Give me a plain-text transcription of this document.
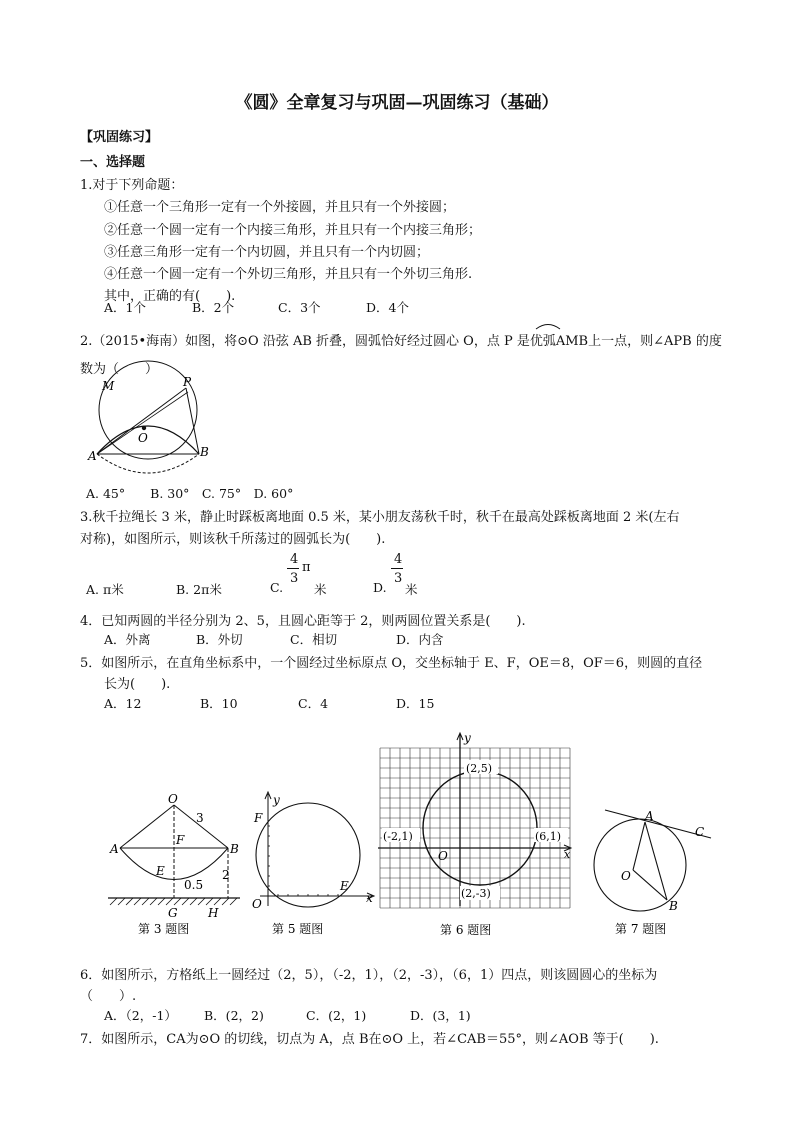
《圆》全章复习与巩固—巩固练习（基础）
【巩固练习】
一、选择题
1.对于下列命题：
①任意一个三角形一定有一个外接圆，并且只有一个外接圆；
②任意一个圆一定有一个内接三角形，并且只有一个内接三角形；
③任意三角形一定有一个内切圆，并且只有一个内切圆；
④任意一个圆一定有一个外切三角形，并且只有一个外切三角形.
其中，正确的有(　　).
A．1个	B．2个	C．3个	D．4个
2.（2015•海南）如图，将⊙O 沿弦 AB 折叠，圆弧恰好经过圆心 O，点 P 是优弧AMB上一点，则∠APB 的度
数为（　　）
M	P
O
A	B
A. 45°　　B. 30°　C. 75°　D. 60°
3.秋千拉绳长 3 米，静止时踩板离地面 0.5 米，某小朋友荡秋千时，秋千在最高处踩板离地面 2 米(左右
对称)，如图所示，则该秋千所荡过的圆弧长为(　　).
A. π米	B. 2π米	C.
4
3
π
米	D.
4
3
米
4．已知两圆的半径分别为 2、5，且圆心距等于 2，则两圆位置关系是(　　).
A．外离	B．外切	C．相切	D．内含
5．如图所示，在直角坐标系中，一个圆经过坐标原点 O，交坐标轴于 E、F，OE＝8，OF＝6，则圆的直径
长为(　　).
A．12	B．10	C．4	D．15
O
3
A
F
B
E
0.5
2
G	H
第 3 题图
y
F
O
E
x
第 5 题图
(2,5)
(-2,1)	(6,1)
(2,-3)
y
O	x
第 6 题图
A
C
O
B
第 7 题图
6．如图所示，方格纸上一圆经过（2，5），（-2，1），（2，-3），（6，1）四点，则该圆圆心的坐标为
（　　）.
A．（2，-1） B．(2，2)	C．(2，1)	D．(3，1)
7．如图所示，CA为⊙O 的切线，切点为 A，点 B在⊙O 上，若∠CAB＝55°，则∠AOB 等于(　　).
